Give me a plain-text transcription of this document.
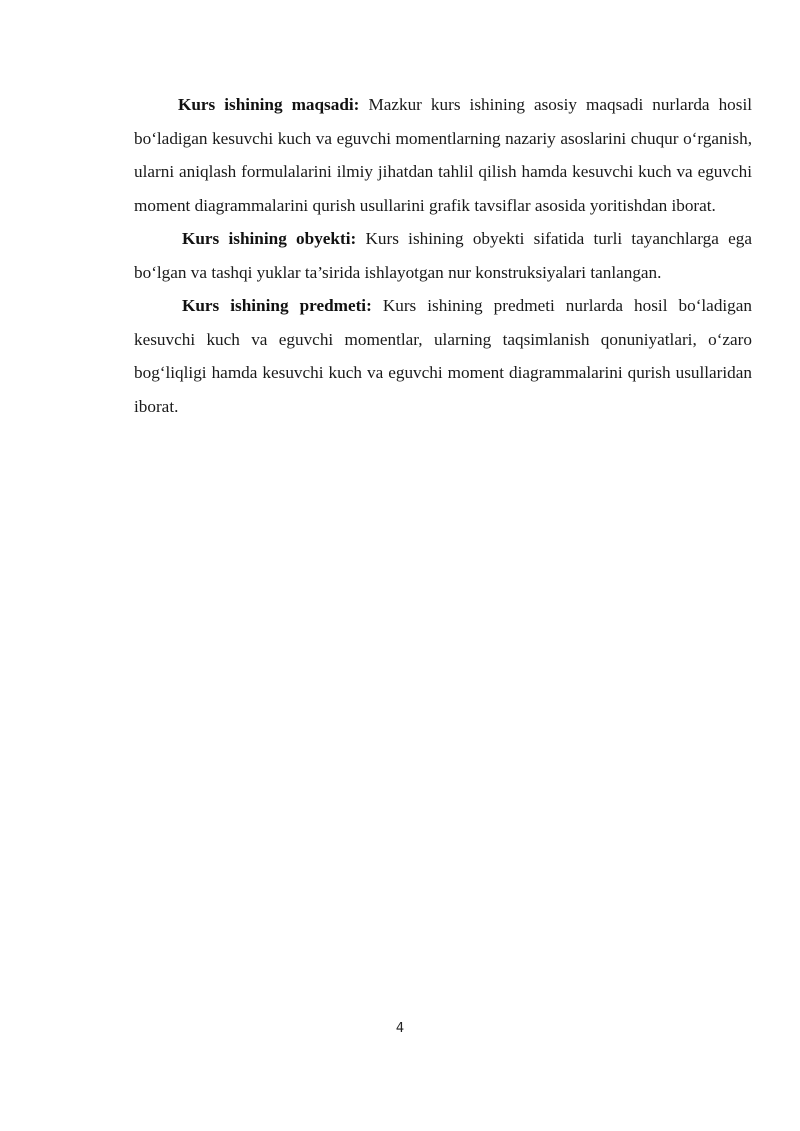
Kurs ishining maqsadi: Mazkur kurs ishining asosiy maqsadi nurlarda hosil bo‘ladigan kesuvchi kuch va eguvchi momentlarning nazariy asoslarini chuqur o‘rganish, ularni aniqlash formulalarini ilmiy jihatdan tahlil qilish hamda kesuvchi kuch va eguvchi moment diagrammalarini qurish usullarini grafik tavsiflar asosida yoritishdan iborat.

Kurs ishining obyekti: Kurs ishining obyekti sifatida turli tayanchlarga ega bo‘lgan va tashqi yuklar ta’sirida ishlayotgan nur konstruksiyalari tanlangan.

Kurs ishining predmeti: Kurs ishining predmeti nurlarda hosil bo‘ladigan kesuvchi kuch va eguvchi momentlar, ularning taqsimlanish qonuniyatlari, o‘zaro bog‘liqligi hamda kesuvchi kuch va eguvchi moment diagrammalarini qurish usullaridan iborat.

4
